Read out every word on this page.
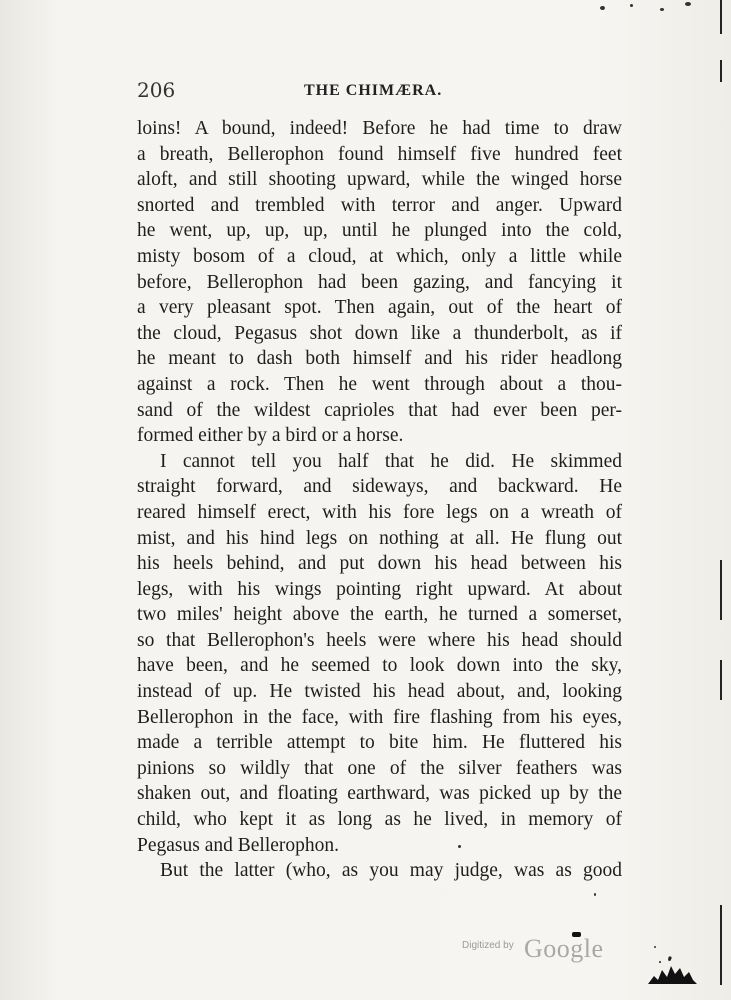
206	THE CHIMÆRA.
loins! A bound, indeed! Before he had time to draw
a breath, Bellerophon found himself five hundred feet
aloft, and still shooting upward, while the winged horse
snorted and trembled with terror and anger. Upward
he went, up, up, up, until he plunged into the cold,
misty bosom of a cloud, at which, only a little while
before, Bellerophon had been gazing, and fancying it
a very pleasant spot. Then again, out of the heart of
the cloud, Pegasus shot down like a thunderbolt, as if
he meant to dash both himself and his rider headlong
against a rock. Then he went through about a thou-
sand of the wildest caprioles that had ever been per-
formed either by a bird or a horse.
I cannot tell you half that he did. He skimmed
straight forward, and sideways, and backward. He
reared himself erect, with his fore legs on a wreath of
mist, and his hind legs on nothing at all. He flung out
his heels behind, and put down his head between his
legs, with his wings pointing right upward. At about
two miles' height above the earth, he turned a somerset,
so that Bellerophon's heels were where his head should
have been, and he seemed to look down into the sky,
instead of up. He twisted his head about, and, looking
Bellerophon in the face, with fire flashing from his eyes,
made a terrible attempt to bite him. He fluttered his
pinions so wildly that one of the silver feathers was
shaken out, and floating earthward, was picked up by the
child, who kept it as long as he lived, in memory of
Pegasus and Bellerophon.
But the latter (who, as you may judge, was as good
Digitized by Google
